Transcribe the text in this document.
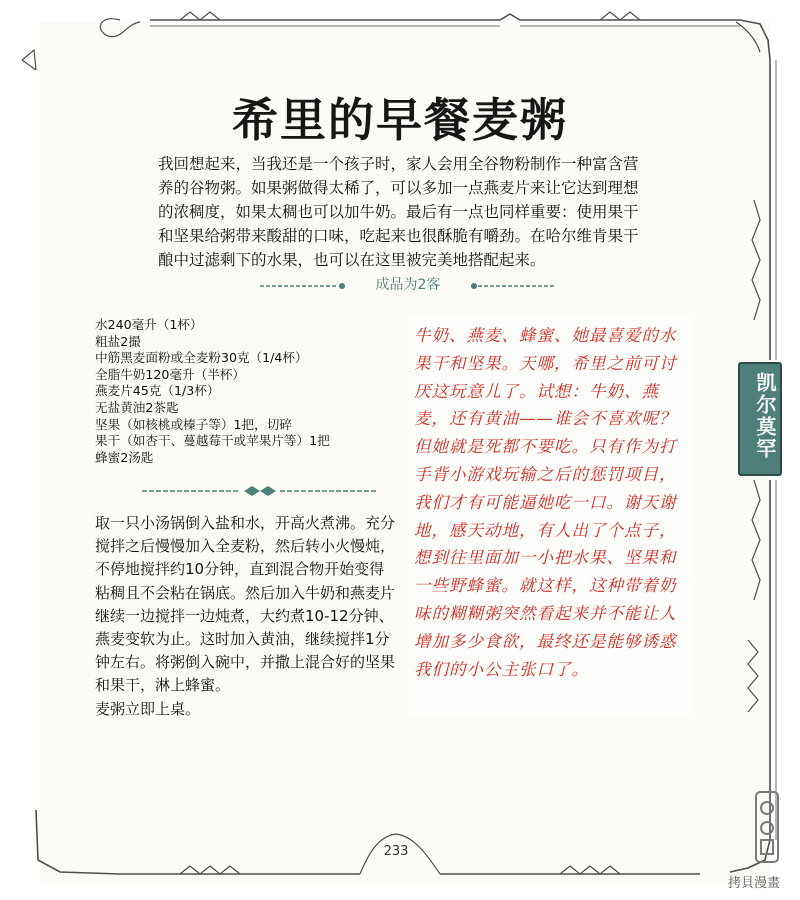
希里的早餐麦粥

我回想起来，当我还是一个孩子时，家人会用全谷物粉制作一种富含营养的谷物粥。如果粥做得太稀了，可以多加一点燕麦片来让它达到理想的浓稠度，如果太稠也可以加牛奶。最后有一点也同样重要：使用果干和坚果给粥带来酸甜的口味，吃起来也很酥脆有嚼劲。在哈尔维肯果干酿中过滤剩下的水果，也可以在这里被完美地搭配起来。

成品为2客
水240毫升（1杯）
粗盐2撮
中筋黑麦面粉或全麦粉30克（1/4杯）
全脂牛奶120毫升（半杯）
燕麦片45克（1/3杯）
无盐黄油2茶匙
坚果（如核桃或榛子等）1把，切碎
果干（如杏干、蔓越莓干或苹果片等）1把
蜂蜜2汤匙

取一只小汤锅倒入盐和水，开高火煮沸。充分搅拌之后慢慢加入全麦粉，然后转小火慢炖，不停地搅拌约10分钟，直到混合物开始变得粘稠且不会粘在锅底。然后加入牛奶和燕麦片继续一边搅拌一边炖煮，大约煮10-12分钟、燕麦变软为止。这时加入黄油，继续搅拌1分钟左右。将粥倒入碗中，并撒上混合好的坚果和果干，淋上蜂蜜。

麦粥立即上桌。

牛奶、燕麦、蜂蜜、她最喜爱的水果干和坚果。天哪，希里之前可讨厌这玩意儿了。试想：牛奶、燕麦，还有黄油——谁会不喜欢呢？但她就是死都不要吃。只有作为打手背小游戏玩输之后的惩罚项目，我们才有可能逼她吃一口。谢天谢地，感天动地，有人出了个点子，想到往里面加一小把水果、坚果和一些野蜂蜜。就这样，这种带着奶味的糊糊粥突然看起来并不能让人增加多少食欲，最终还是能够诱惑我们的小公主张口了。

凯尔莫罕
233
拷貝漫畫
